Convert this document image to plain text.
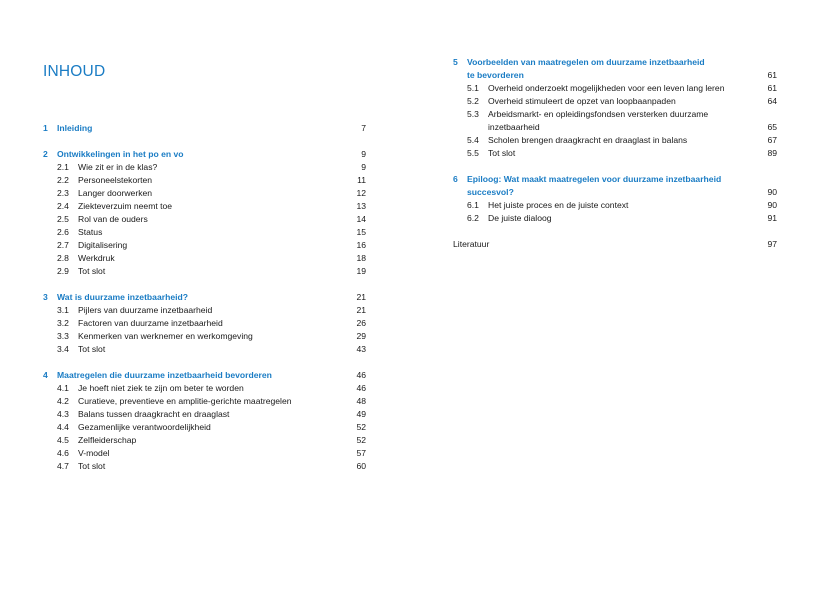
INHOUD
1 Inleiding	7
2 Ontwikkelingen in het po en vo	9
2.1 Wie zit er in de klas?	9
2.2 Personeelstekorten	11
2.3 Langer doorwerken	12
2.4 Ziekteverzuim neemt toe	13
2.5 Rol van de ouders	14
2.6 Status	15
2.7 Digitalisering	16
2.8 Werkdruk	18
2.9 Tot slot	19
3 Wat is duurzame inzetbaarheid?	21
3.1 Pijlers van duurzame inzetbaarheid	21
3.2 Factoren van duurzame inzetbaarheid	26
3.3 Kenmerken van werknemer en werkomgeving	29
3.4 Tot slot	43
4 Maatregelen die duurzame inzetbaarheid bevorderen	46
4.1 Je hoeft niet ziek te zijn om beter te worden	46
4.2 Curatieve, preventieve en amplitie-gerichte maatregelen	48
4.3 Balans tussen draagkracht en draaglast	49
4.4 Gezamenlijke verantwoordelijkheid	52
4.5 Zelfleiderschap	52
4.6 V-model	57
4.7 Tot slot	60
5 Voorbeelden van maatregelen om duurzame inzetbaarheid
te bevorderen	61
5.1 Overheid onderzoekt mogelijkheden voor een leven lang leren	61
5.2 Overheid stimuleert de opzet van loopbaanpaden	64
5.3 Arbeidsmarkt- en opleidingsfondsen versterken duurzame
inzetbaarheid	65
5.4 Scholen brengen draagkracht en draaglast in balans	67
5.5 Tot slot	89
6 Epiloog: Wat maakt maatregelen voor duurzame inzetbaarheid
succesvol?	90
6.1 Het juiste proces en de juiste context	90
6.2 De juiste dialoog	91
Literatuur	97
